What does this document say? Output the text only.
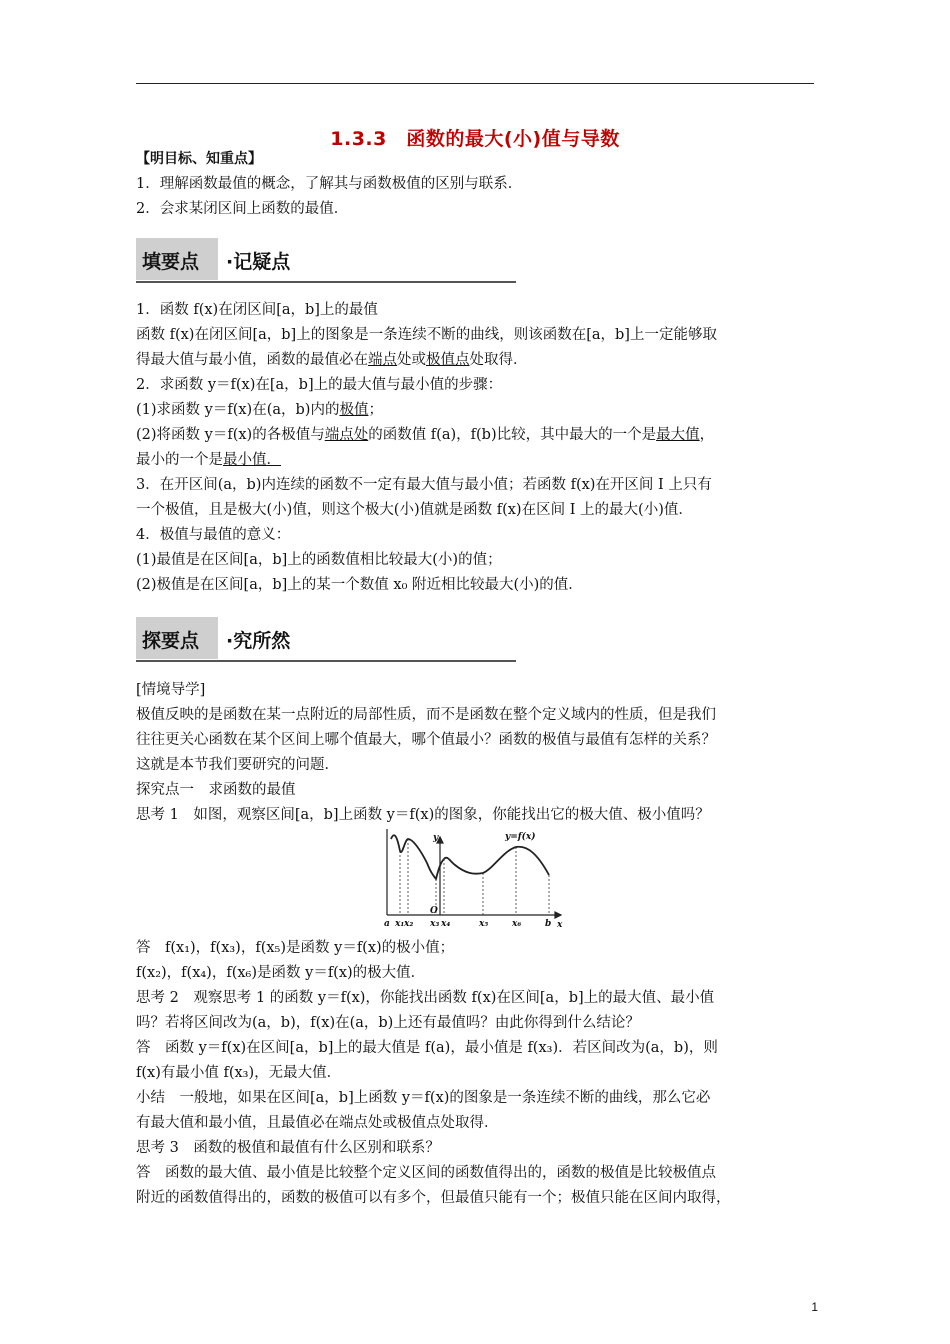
1.3.3　函数的最大(小)值与导数
【明目标、知重点】
1．理解函数最值的概念，了解其与函数极值的区别与联系．
2．会求某闭区间上函数的最值．
填要点 ·记疑点
1．函数 f(x)在闭区间[a，b]上的最值
函数 f(x)在闭区间[a，b]上的图象是一条连续不断的曲线，则该函数在[a，b]上一定能够取
得最大值与最小值，函数的最值必在端点处或极值点处取得．
2．求函数 y＝f(x)在[a，b]上的最大值与最小值的步骤：
(1)求函数 y＝f(x)在(a，b)内的极值；
(2)将函数 y＝f(x)的各极值与端点处的函数值 f(a)，f(b)比较，其中最大的一个是最大值，
最小的一个是最小值．
3．在开区间(a，b)内连续的函数不一定有最大值与最小值；若函数 f(x)在开区间 I 上只有
一个极值，且是极大(小)值，则这个极大(小)值就是函数 f(x)在区间 I 上的最大(小)值．
4．极值与最值的意义：
(1)最值是在区间[a，b]上的函数值相比较最大(小)的值；
(2)极值是在区间[a，b]上的某一个数值 x₀ 附近相比较最大(小)的值．
探要点 ·究所然
[情境导学]
极值反映的是函数在某一点附近的局部性质，而不是函数在整个定义域内的性质，但是我们
往往更关心函数在某个区间上哪个值最大，哪个值最小？函数的极值与最值有怎样的关系？
这就是本节我们要研究的问题．
探究点一　求函数的最值
思考 1　如图，观察区间[a，b]上函数 y＝f(x)的图象，你能找出它的极大值、极小值吗？
y=f(x)
y
x
O
a x₁ x₂ x₃ x₄	x₅	x₆	b
答　f(x₁)，f(x₃)，f(x₅)是函数 y＝f(x)的极小值；
f(x₂)，f(x₄)，f(x₆)是函数 y＝f(x)的极大值．
思考 2　观察思考 1 的函数 y＝f(x)，你能找出函数 f(x)在区间[a，b]上的最大值、最小值
吗？若将区间改为(a，b)，f(x)在(a，b)上还有最值吗？由此你得到什么结论？
答　函数 y＝f(x)在区间[a，b]上的最大值是 f(a)，最小值是 f(x₃)．若区间改为(a，b)，则
f(x)有最小值 f(x₃)，无最大值．
小结　一般地，如果在区间[a，b]上函数 y＝f(x)的图象是一条连续不断的曲线，那么它必
有最大值和最小值，且最值必在端点处或极值点处取得．
思考 3　函数的极值和最值有什么区别和联系？
答　函数的最大值、最小值是比较整个定义区间的函数值得出的，函数的极值是比较极值点
附近的函数值得出的，函数的极值可以有多个，但最值只能有一个；极值只能在区间内取得，
1
